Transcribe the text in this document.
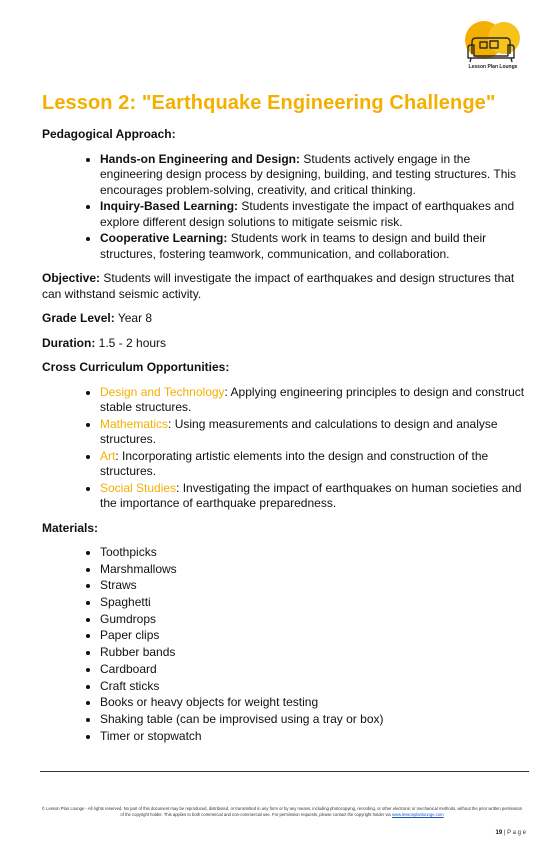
Lesson Plan Lounge
Lesson 2: "Earthquake Engineering Challenge"

Pedagogical Approach:

• Hands-on Engineering and Design: Students actively engage in the engineering design process by designing, building, and testing structures. This encourages problem-solving, creativity, and critical thinking.
• Inquiry-Based Learning: Students investigate the impact of earthquakes and explore different design solutions to mitigate seismic risk.
• Cooperative Learning: Students work in teams to design and build their structures, fostering teamwork, communication, and collaboration.

Objective: Students will investigate the impact of earthquakes and design structures that can withstand seismic activity.

Grade Level: Year 8

Duration: 1.5 - 2 hours

Cross Curriculum Opportunities:

• Design and Technology: Applying engineering principles to design and construct stable structures.
• Mathematics: Using measurements and calculations to design and analyse structures.
• Art: Incorporating artistic elements into the design and construction of the structures.
• Social Studies: Investigating the impact of earthquakes on human societies and the importance of earthquake preparedness.

Materials:

• Toothpicks
• Marshmallows
• Straws
• Spaghetti
• Gumdrops
• Paper clips
• Rubber bands
• Cardboard
• Craft sticks
• Books or heavy objects for weight testing
• Shaking table (can be improvised using a tray or box)
• Timer or stopwatch
© Lesson Plan Lounge - All rights reserved. No part of this document may be reproduced, distributed, or transmitted in any form or by any means, including photocopying, recording, or other electronic or mechanical methods, without the prior written permission of the copyright holder. This applies to both commercial and non-commercial use. For permission requests, please contact the copyright holder via www.lessonplanlounge.com
19 | P a g e
